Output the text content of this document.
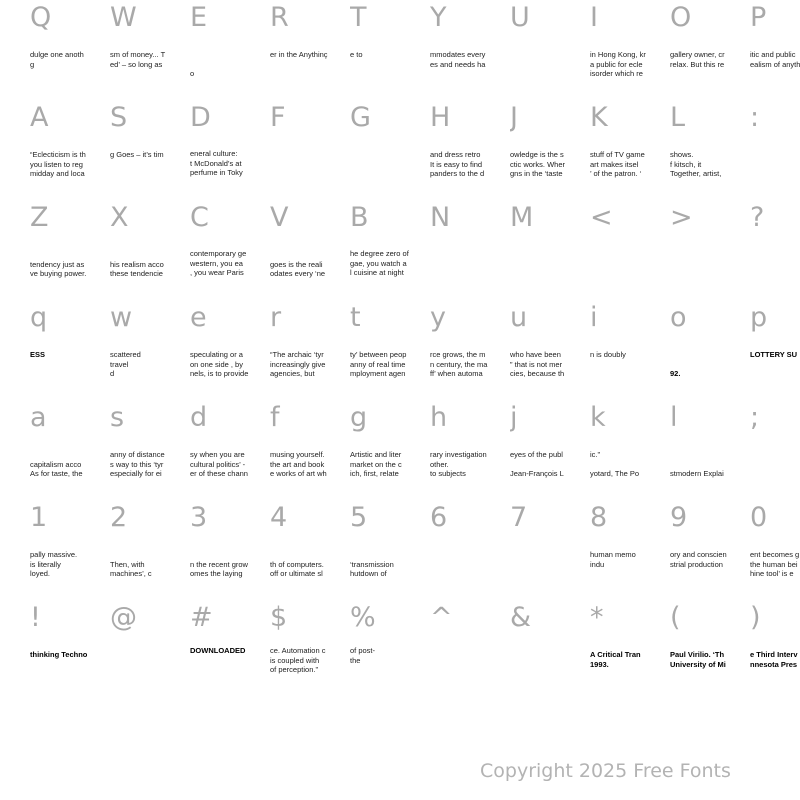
Q
dulge one anoth
g
W
sm of money... T
ed’ – so long as
E

o
R
er in the Anythinç
T
e to
Y
mmodates every
es and needs ha
U I
in Hong Kong, kr
a public for ecle
isorder which re
O
gallery owner, cr
relax. But this re
P
itic and public
ealism of anyth
A
“Eclecticism is th
you listen to reg
midday and loca
S
g Goes – it’s tim
D
eneral culture:
t McDonald’s at
perfume in Toky
F G H
and dress retro
It is easy to find
panders to the d
J
owledge is the s
ctic works. Wher
gns in the ‘taste
K
stuff of TV game
art makes itsel
’ of the patron. ‘
L
shows.
f kitsch, it
Together, artist,
:
Z

tendency just as
ve buying power.
X

his realism acco
these tendencie
C
contemporary ge
western, you ea
, you wear Paris
V

goes is the reali
odates every ‘ne
B
he degree zero of
gae, you watch a
l cuisine at night
N M < > ?
q
ESS
w
scattered
travel
d
e
speculating or a
on one side , by
nels, is to provide
r
“The archaic ‘tyr
increasingly give
agencies, but
t
ty’ between peop
anny of real time
mployment agen
y
rce grows, the m
n century, the ma
ff’ when automa
u
who have been
” that is not mer
cies, because th
i
n is doubly
o

92.
p
LOTTERY SU
a

capitalism acco
As for taste, the
s
anny of distance
s way to this ‘tyr
especially for ei
d
sy when you are
cultural politics’ -
er of these chann
f
musing yourself.
the art and book
e works of art wh
g
Artistic and liter
market on the c
ich, first, relate
h
rary investigation
other.
to subjects
j
eyes of the publ

Jean-François L
k
ic.”

yotard, The Po
l

stmodern Explai
;
1
pally massive.
is literally
loyed.
2

Then, with
machines’, c
3

n the recent grow
omes the laying
4

th of computers.
off or ultimate sl
5

‘transmission
hutdown of
6 7 8
human memo
indu
9
ory and conscien
strial production
0
ent becomes g
the human bei
hine tool’ is e
!
thinking Techno
@ #
DOWNLOADED
$
ce. Automation c
is coupled with
of perception.”
%
of post-
the
^ & *
A Critical Tran
1993.
(
Paul Virilio. ‘Th
University of Mi
)
e Third Interv
nnesota Pres
Copyright 2025 Free Fonts
